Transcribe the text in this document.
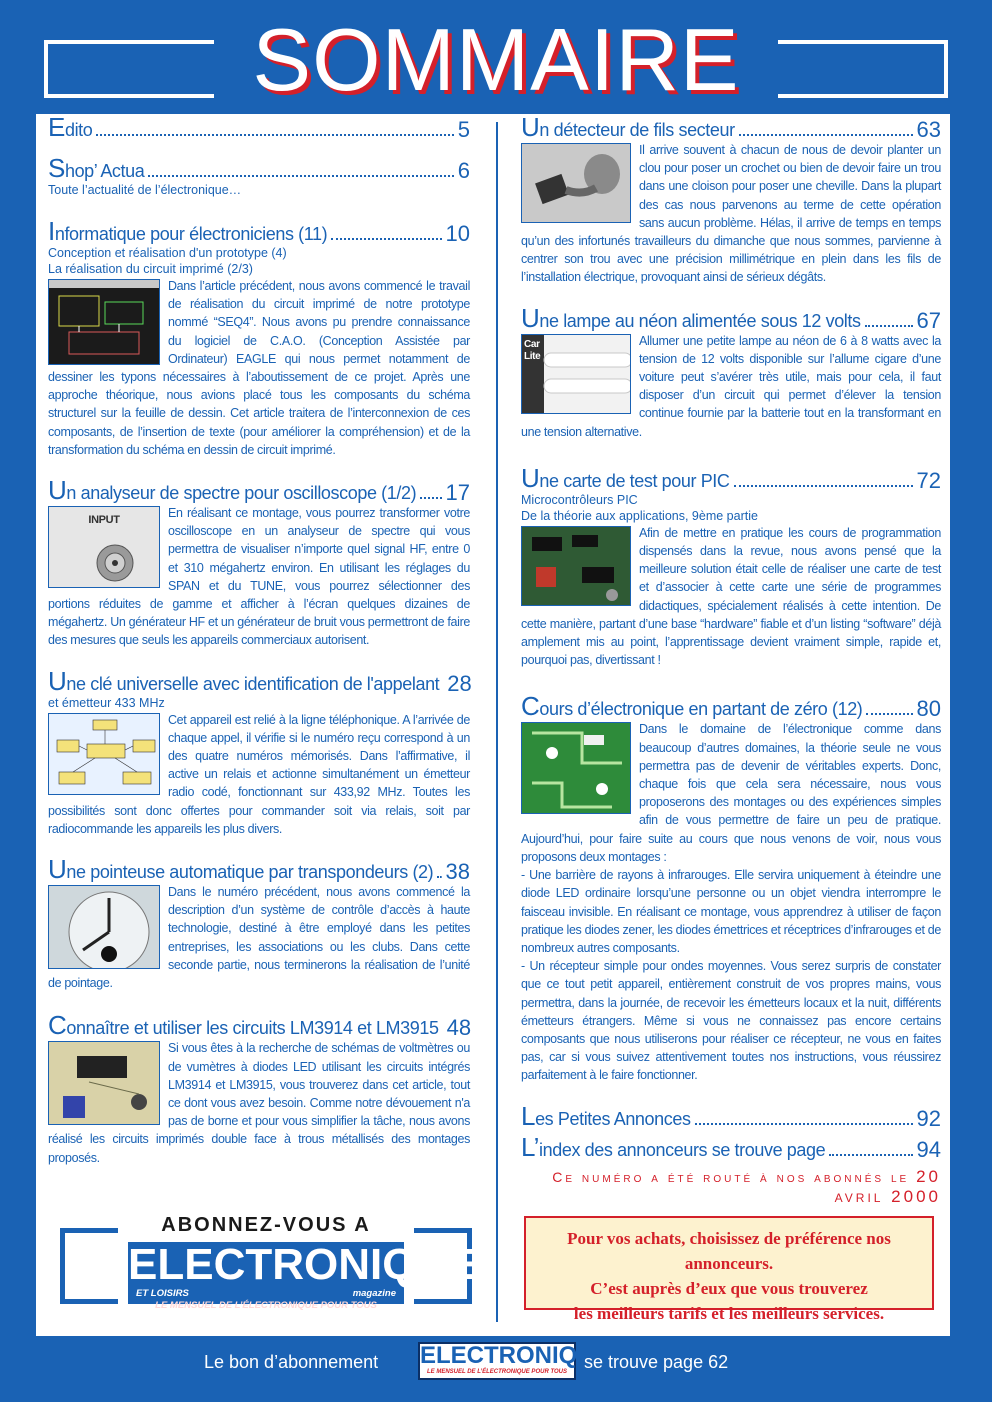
SOMMAIRE
Edito	5
Shop’ Actua	6
Toute l’actualité de l’électronique…
Informatique pour électroniciens (11)	10
Conception et réalisation d'un prototype (4)
La réalisation du circuit imprimé (2/3)
Dans l’article précédent, nous avons commencé le travail de réalisation du circuit imprimé de notre prototype nommé “SEQ4”. Nous avons pu prendre connaissance du logiciel de C.A.O. (Conception Assistée par Ordinateur) EAGLE qui nous permet notamment de dessiner les typons nécessaires à l’aboutissement de ce projet. Après une approche théorique, nous avions placé tous les composants du schéma structurel sur la feuille de dessin. Cet article traitera de l’interconnexion de ces composants, de l’insertion de texte (pour améliorer la compréhension) et de la transformation du schéma en dessin de circuit imprimé.
Un analyseur de spectre pour oscilloscope (1/2) 17
INPUT	En réalisant ce montage, vous pourrez transformer votre oscilloscope en un analyseur de spectre qui vous permettra de visualiser n’importe quel signal HF, entre 0 et 310 mégahertz environ. En utilisant les réglages du SPAN et du TUNE, vous pourrez sélectionner des portions réduites de gamme et afficher à l’écran quelques dizaines de mégahertz. Un générateur HF et un générateur de bruit vous permettront de faire des mesures que seuls les appareils commerciaux autorisent.
Une clé universelle avec identification de l'appelant 28
et émetteur 433 MHz
Cet appareil est relié à la ligne téléphonique. A l’arrivée de chaque appel, il vérifie si le numéro reçu correspond à un des quatre numéros mémorisés. Dans l’affirmative, il active un relais et actionne simultanément un émetteur radio codé, fonctionnant sur 433,92 MHz. Toutes les possibilités sont donc offertes pour commander soit via relais, soit par radiocommande les appareils les plus divers.
Une pointeuse automatique par transpondeurs (2) 38
Dans le numéro précédent, nous avons commencé la description d’un système de contrôle d’accès à haute technologie, destiné à être employé dans les petites entreprises, les associations ou les clubs. Dans cette seconde partie, nous terminerons la réalisation de l’unité de pointage.
Connaître et utiliser les circuits LM3914 et LM3915 48
Si vous êtes à la recherche de schémas de voltmètres ou de vumètres à diodes LED utilisant les circuits intégrés LM3914 et LM3915, vous trouverez dans cet article, tout ce dont vous avez besoin. Comme notre dévouement n'a pas de borne et pour vous simplifier la tâche, nous avons réalisé les circuits imprimés double face à trous métallisés des montages proposés.
Un détecteur de fils secteur	63
Il arrive souvent à chacun de nous de devoir planter un clou pour poser un crochet ou bien de devoir faire un trou dans une cloison pour poser une cheville. Dans la plupart des cas nous parvenons au terme de cette opération sans aucun problème. Hélas, il arrive de temps en temps qu’un des infortunés travailleurs du dimanche que nous sommes, parvienne à centrer son trou avec une précision millimétrique en plein dans les fils de l’installation électrique, provoquant ainsi de sérieux dégâts.
Une lampe au néon alimentée sous 12 volts	67
Car Lite
Allumer une petite lampe au néon de 6 à 8 watts avec la tension de 12 volts disponible sur l’allume cigare d’une voiture peut s’avérer très utile, mais pour cela, il faut disposer d’un circuit qui permet d’élever la tension continue fournie par la batterie tout en la transformant en une tension alternative.
Une carte de test pour PIC	72
Microcontrôleurs PIC
De la théorie aux applications, 9ème partie
Afin de mettre en pratique les cours de programmation dispensés dans la revue, nous avons pensé que la meilleure solution était celle de réaliser une carte de test et d’associer à cette carte une série de programmes didactiques, spécialement réalisés à cette intention. De cette manière, partant d’une base “hardware” fiable et d’un listing “software” déjà amplement mis au point, l’apprentissage devient vraiment simple, rapide et, pourquoi pas, divertissant !
Cours d’électronique en partant de zéro (12) 80
Dans le domaine de l’électronique comme dans beaucoup d’autres domaines, la théorie seule ne vous permettra pas de devenir de véritables experts. Donc, chaque fois que cela sera nécessaire, nous vous proposerons des montages ou des expériences simples afin de vous permettre de faire un peu de pratique. Aujourd’hui, pour faire suite au cours que nous venons de voir, nous vous proposons deux montages :
- Une barrière de rayons à infrarouges. Elle servira uniquement à éteindre une diode LED ordinaire lorsqu’une personne ou un objet viendra interrompre le faisceau invisible. En réalisant ce montage, vous apprendrez à utiliser de façon pratique les diodes zener, les diodes émettrices et réceptrices d’infrarouges et de nombreux autres composants.
- Un récepteur simple pour ondes moyennes. Vous serez surpris de constater que ce tout petit appareil, entièrement construit de vos propres mains, vous permettra, dans la journée, de recevoir les émetteurs locaux et la nuit, différents émetteurs étrangers. Même si vous ne connaissez pas encore certains composants que nous utiliserons pour réaliser ce récepteur, ne vous en faites pas, car si vous suivez attentivement toutes nos instructions, vous réussirez parfaitement à le faire fonctionner.
Les Petites Annonces	92
L’index des annonceurs se trouve page	94
Ce numéro a été routé à nos abonnés le 20 avril 2000
Pour vos achats, choisissez de préférence nos annonceurs.
C’est auprès d’eux que vous trouverez
les meilleurs tarifs et les meilleurs services.
ABONNEZ-VOUS A
ELECTRONIQUE
ET LOISIRS	magazine
LE MENSUEL DE L’ÉLECTRONIQUE POUR TOUS
Le bon d’abonnement ELECTRONIQUE
LE MENSUEL DE L’ÉLECTRONIQUE POUR TOUS se trouve page 62
